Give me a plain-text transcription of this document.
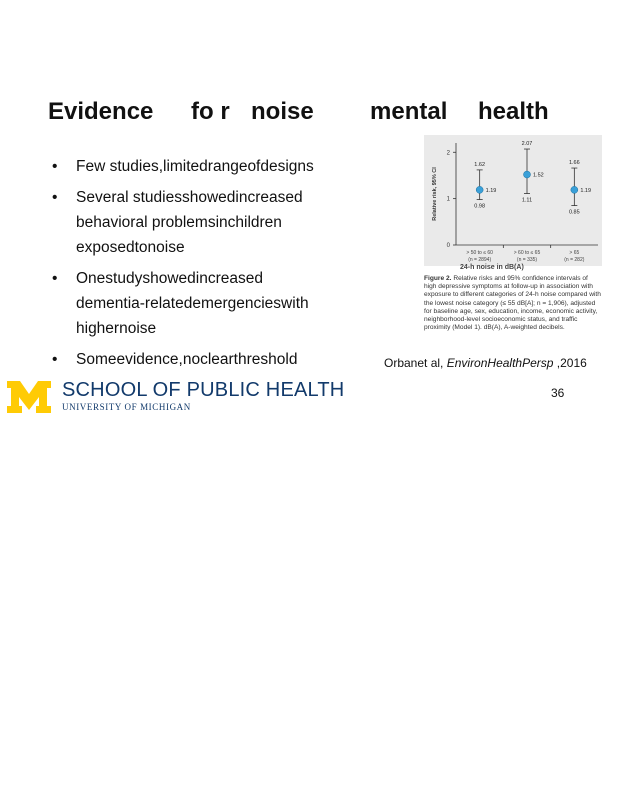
Evidence fo r noise mental health
• Few studies,limitedrangeofdesigns
• Several studiesshowedincreased
behavioral problemsinchildren
exposedtonoise
• Onestudyshowedincreased
dementia-relatedemergencieswith
highernoise
• Someevidence,noclearthreshold
0
1
2
Relative risk, 95% CI
> 50 to ≤ 60
(n = 2894)
> 60 to ≤ 65
(n = 335)
> 65
(n = 282)
1.19
1.62
0.98
1.52
2.07
1.11
1.19
1.66
0.85
24-h noise in dB(A)
Figure 2. Relative risks and 95% confidence intervals of high depressive symptoms at follow-up in association with exposure to different categories of 24-h noise compared with the lowest noise category (≤ 55 dB[A]; n = 1,906), adjusted for baseline age, sex, education, income, economic activity, neighborhood-level socioeconomic status, and traffic proximity (Model 1). dB(A), A-weighted decibels.
Orbanet al, EnvironHealthPersp ,2016
SCHOOL OF PUBLIC HEALTH
UNIVERSITY OF MICHIGAN
36
